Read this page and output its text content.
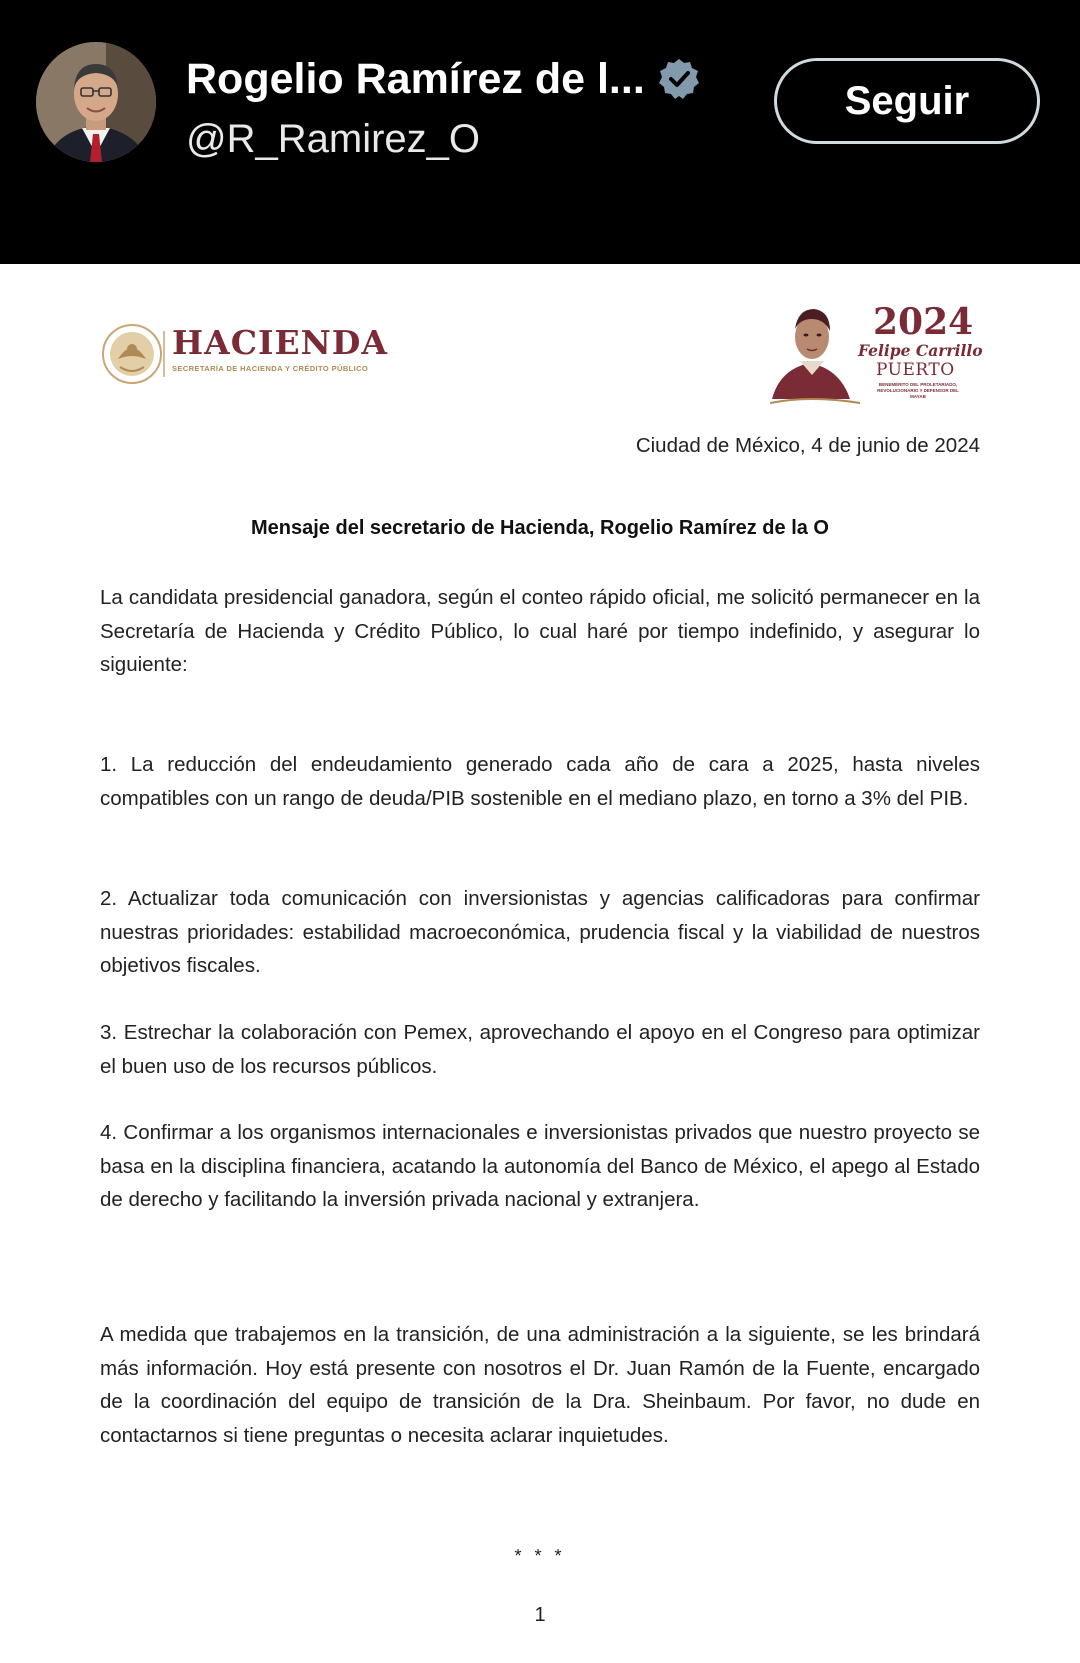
Rogelio Ramírez de l...
@R_Ramirez_O
Seguir
HACIENDA
SECRETARÍA DE HACIENDA Y CRÉDITO PÚBLICO
2024
Felipe Carrillo
PUERTO
BENEMÉRITO DEL PROLETARIADO, REVOLUCIONARIO Y DEFENSOR DEL MAYAB
Ciudad de México, 4 de junio de 2024
Mensaje del secretario de Hacienda, Rogelio Ramírez de la O

La candidata presidencial ganadora, según el conteo rápido oficial, me solicitó permanecer en la Secretaría de Hacienda y Crédito Público, lo cual haré por tiempo indefinido, y asegurar lo siguiente:

1. La reducción del endeudamiento generado cada año de cara a 2025, hasta niveles compatibles con un rango de deuda/PIB sostenible en el mediano plazo, en torno a 3% del PIB.

2. Actualizar toda comunicación con inversionistas y agencias calificadoras para confirmar nuestras prioridades: estabilidad macroeconómica, prudencia fiscal y la viabilidad de nuestros objetivos fiscales.

3. Estrechar la colaboración con Pemex, aprovechando el apoyo en el Congreso para optimizar el buen uso de los recursos públicos.

4. Confirmar a los organismos internacionales e inversionistas privados que nuestro proyecto se basa en la disciplina financiera, acatando la autonomía del Banco de México, el apego al Estado de derecho y facilitando la inversión privada nacional y extranjera.

A medida que trabajemos en la transición, de una administración a la siguiente, se les brindará más información. Hoy está presente con nosotros el Dr. Juan Ramón de la Fuente, encargado de la coordinación del equipo de transición de la Dra. Sheinbaum. Por favor, no dude en contactarnos si tiene preguntas o necesita aclarar inquietudes.

* * *
1
